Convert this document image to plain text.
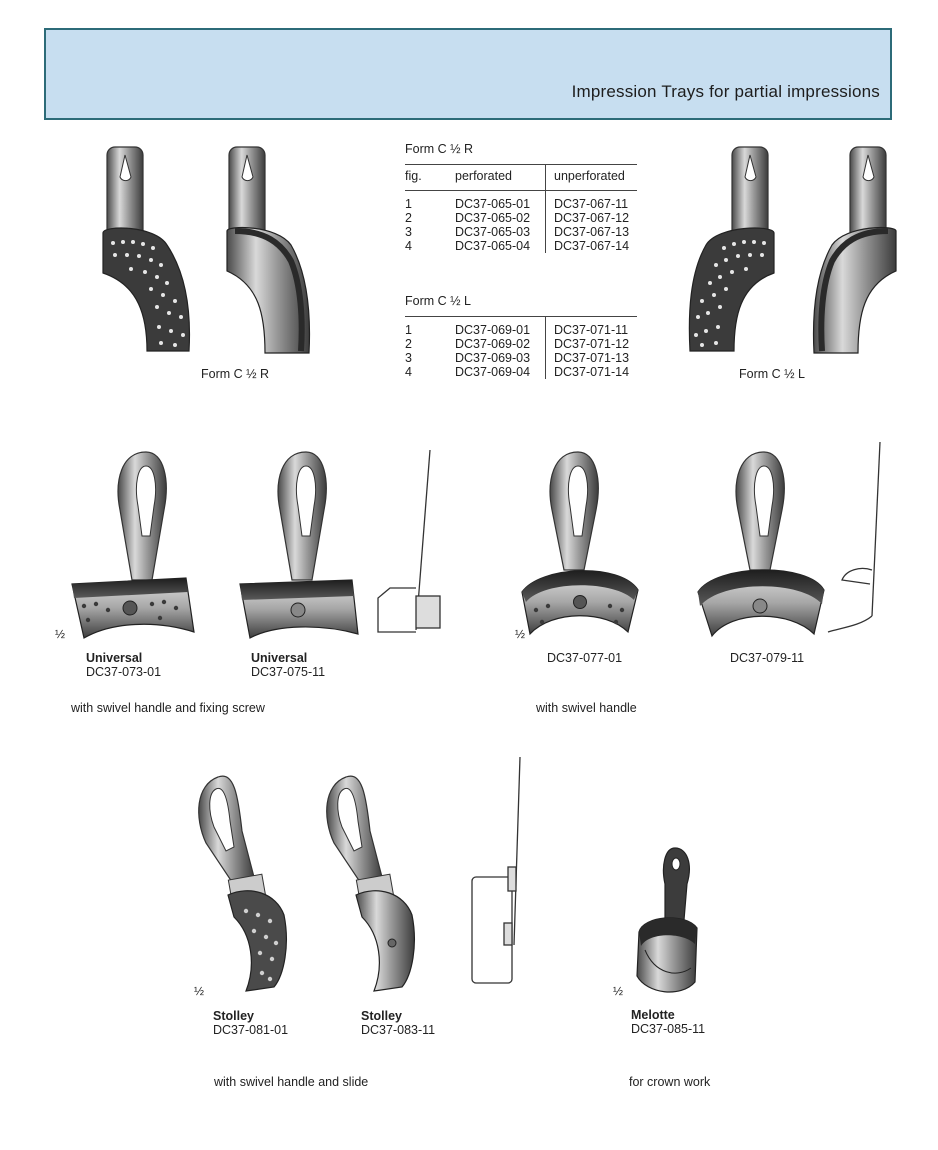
Impression Trays for partial impressions
Form C ½ R
Form C ½ R
fig.	perforated	unperforated
1	DC37-065-01	DC37-067-11
2	DC37-065-02	DC37-067-12
3	DC37-065-03	DC37-067-13
4	DC37-065-04	DC37-067-14
Form C ½ L
1	DC37-069-01	DC37-071-11
2	DC37-069-02	DC37-071-12
3	DC37-069-03	DC37-071-13
4	DC37-069-04	DC37-071-14	Form C ½ L
½
Universal
DC37-073-01
Universal
DC37-075-11
with swivel handle and fixing screw
½
DC37-077-01	DC37-079-11
with swivel handle
½
Stolley
DC37-081-01
Stolley
DC37-083-11
with swivel handle and slide
½
Melotte
DC37-085-11
for crown work
